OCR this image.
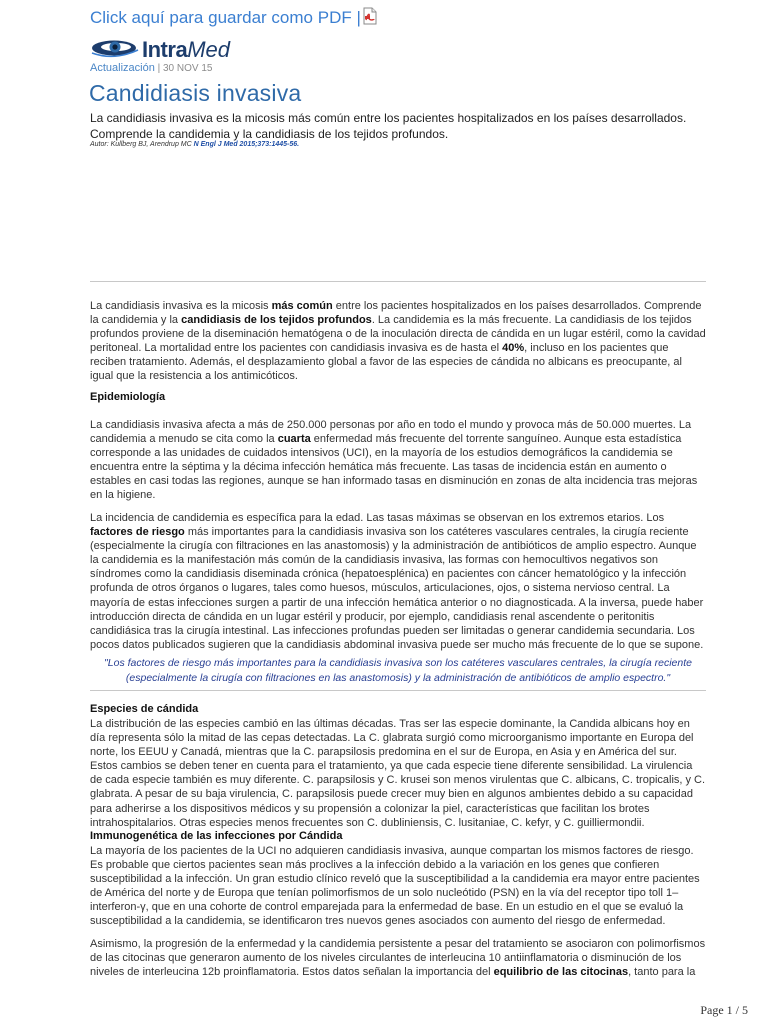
Click aquí para guardar como PDF |
Intra Med
Actualización | 30 NOV 15
Candidiasis invasiva
La candidiasis invasiva es la micosis más común entre los pacientes hospitalizados en los países desarrollados. Comprende la candidemia y la candidiasis de los tejidos profundos.
Autor: Kullberg BJ, Arendrup MC N Engl J Med 2015;373:1445-56.
La candidiasis invasiva es la micosis más común entre los pacientes hospitalizados en los países desarrollados. Comprende la candidemia y la candidiasis de los tejidos profundos. La candidemia es la más frecuente. La candidiasis de los tejidos profundos proviene de la diseminación hematógena o de la inoculación directa de cándida en un lugar estéril, como la cavidad peritoneal. La mortalidad entre los pacientes con candidiasis invasiva es de hasta el 40%, incluso en los pacientes que reciben tratamiento. Además, el desplazamiento global a favor de las especies de cándida no albicans es preocupante, al igual que la resistencia a los antimicóticos.
Epidemiología
La candidiasis invasiva afecta a más de 250.000 personas por año en todo el mundo y provoca más de 50.000 muertes. La candidemia a menudo se cita como la cuarta enfermedad más frecuente del torrente sanguíneo. Aunque esta estadística corresponde a las unidades de cuidados intensivos (UCI), en la mayoría de los estudios demográficos la candidemia se encuentra entre la séptima y la décima infección hemática más frecuente. Las tasas de incidencia están en aumento o estables en casi todas las regiones, aunque se han informado tasas en disminución en zonas de alta incidencia tras mejoras en la higiene.
La incidencia de candidemia es específica para la edad. Las tasas máximas se observan en los extremos etarios. Los factores de riesgo más importantes para la candidiasis invasiva son los catéteres vasculares centrales, la cirugía reciente (especialmente la cirugía con filtraciones en las anastomosis) y la administración de antibióticos de amplio espectro. Aunque la candidemia es la manifestación más común de la candidiasis invasiva, las formas con hemocultivos negativos son síndromes como la candidiasis diseminada crónica (hepatoesplénica) en pacientes con cáncer hematológico y la infección profunda de otros órganos o lugares, tales como huesos, músculos, articulaciones, ojos, o sistema nervioso central. La mayoría de estas infecciones surgen a partir de una infección hemática anterior o no diagnosticada. A la inversa, puede haber introducción directa de cándida en un lugar estéril y producir, por ejemplo, candidiasis renal ascendente o peritonitis candidiásica tras la cirugía intestinal. Las infecciones profundas pueden ser limitadas o generar candidemia secundaria. Los pocos datos publicados sugieren que la candidiasis abdominal invasiva puede ser mucho más frecuente de lo que se supone.
"Los factores de riesgo más importantes para la candidiasis invasiva son los catéteres vasculares centrales, la cirugía reciente (especialmente la cirugía con filtraciones en las anastomosis) y la administración de antibióticos de amplio espectro."
Especies de cándida
La distribución de las especies cambió en las últimas décadas. Tras ser las especie dominante, la Candida albicans hoy en día representa sólo la mitad de las cepas detectadas. La C. glabrata surgió como microorganismo importante en Europa del norte, los EEUU y Canadá, mientras que la C. parapsilosis predomina en el sur de Europa, en Asia y en América del sur. Estos cambios se deben tener en cuenta para el tratamiento, ya que cada especie tiene diferente sensibilidad. La virulencia de cada especie también es muy diferente. C. parapsilosis y C. krusei son menos virulentas que C. albicans, C. tropicalis, y C. glabrata. A pesar de su baja virulencia, C. parapsilosis puede crecer muy bien en algunos ambientes debido a su capacidad para adherirse a los dispositivos médicos y su propensión a colonizar la piel, características que facilitan los brotes intrahospitalarios. Otras especies menos frecuentes son C. dubliniensis, C. lusitaniae, C. kefyr, y C. guilliermondii.
Immunogenética de las infecciones por Cándida
La mayoría de los pacientes de la UCI no adquieren candidiasis invasiva, aunque compartan los mismos factores de riesgo. Es probable que ciertos pacientes sean más proclives a la infección debido a la variación en los genes que confieren susceptibilidad a la infección. Un gran estudio clínico reveló que la susceptibilidad a la candidemia era mayor entre pacientes de América del norte y de Europa que tenían polimorfismos de un solo nucleótido (PSN) en la vía del receptor tipo toll 1–interferon-γ, que en una cohorte de control emparejada para la enfermedad de base. En un estudio en el que se evaluó la susceptibilidad a la candidemia, se identificaron tres nuevos genes asociados con aumento del riesgo de enfermedad.
Asimismo, la progresión de la enfermedad y la candidemia persistente a pesar del tratamiento se asociaron con polimorfismos de las citocinas que generaron aumento de los niveles circulantes de interleucina 10 antiinflamatoria o disminución de los niveles de interleucina 12b proinflamatoria. Estos datos señalan la importancia del equilibrio de las citocinas, tanto para la
Page 1 / 5
